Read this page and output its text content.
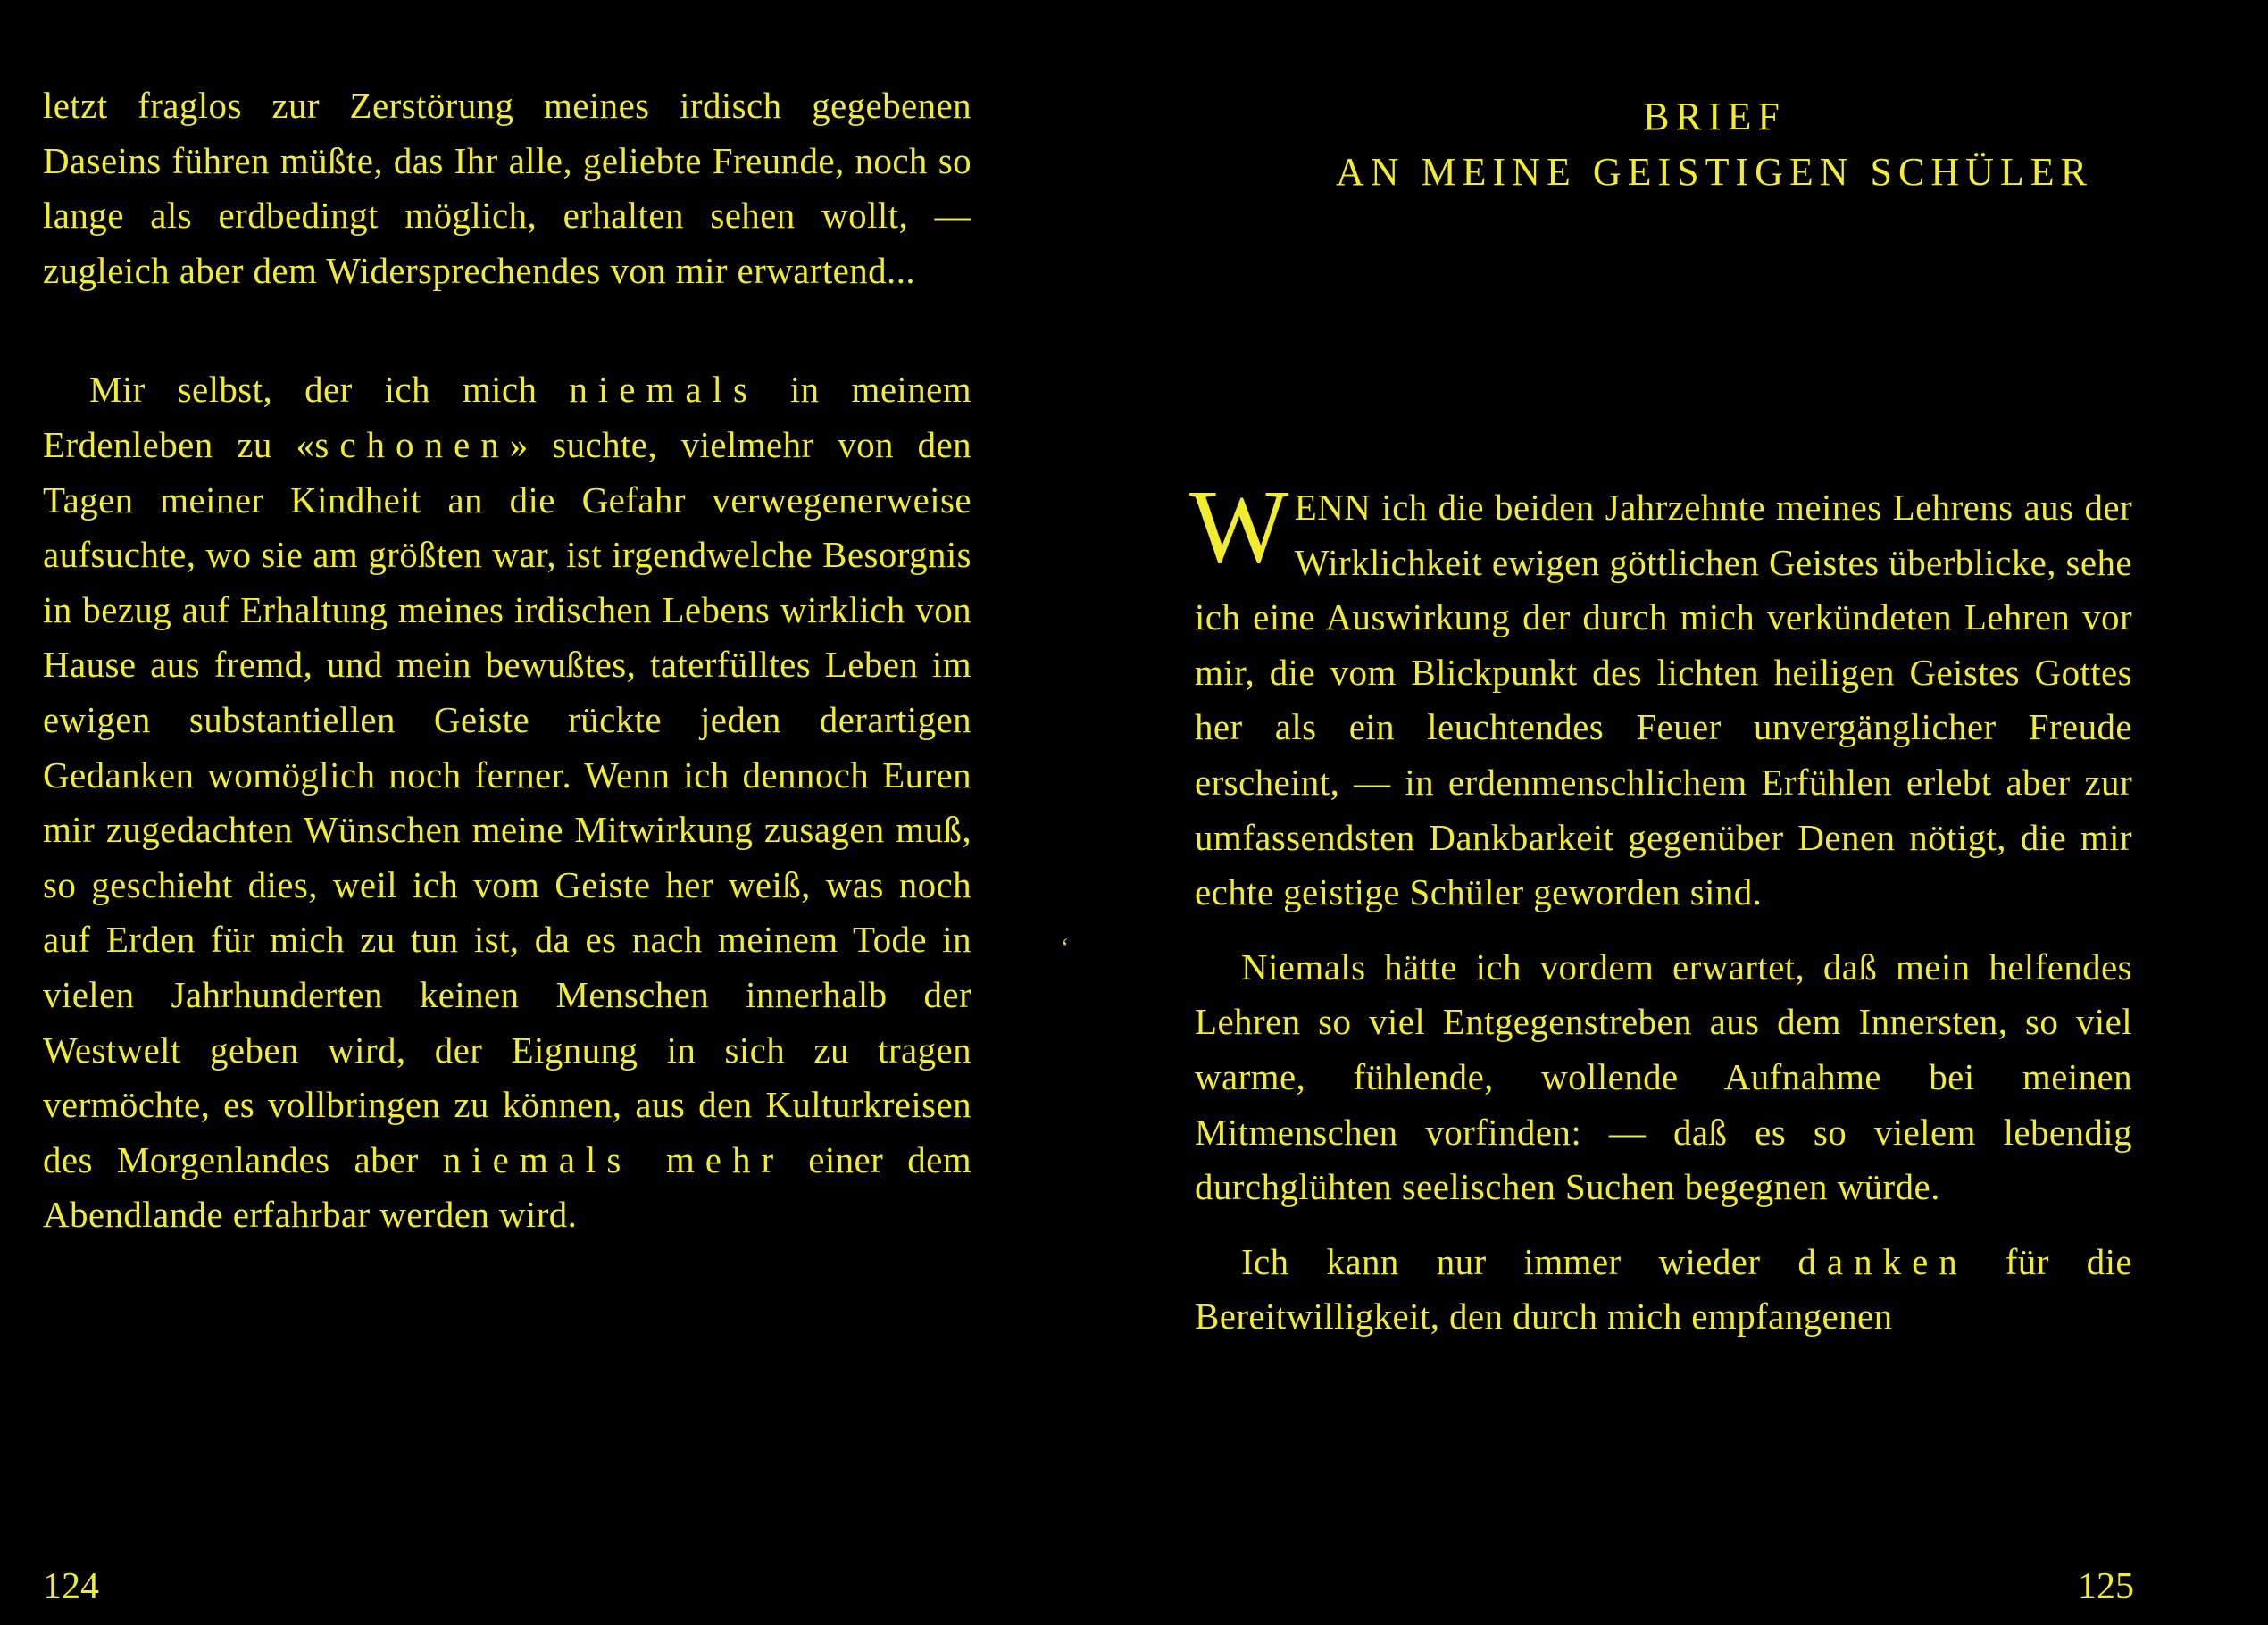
letzt fraglos zur Zerstörung meines irdisch gegebenen Daseins führen müßte, das Ihr alle, geliebte Freunde, noch so lange als erdbedingt möglich, erhalten sehen wollt, — zugleich aber dem Widersprechendes von mir erwartend...

Mir selbst, der ich mich niemals in meinem Erdenleben zu «schonen» suchte, vielmehr von den Tagen meiner Kindheit an die Gefahr verwegenerweise aufsuchte, wo sie am größten war, ist irgendwelche Besorgnis in bezug auf Erhaltung meines irdischen Lebens wirklich von Hause aus fremd, und mein bewußtes, taterfülltes Leben im ewigen substantiellen Geiste rückte jeden derartigen Gedanken womöglich noch ferner. Wenn ich dennoch Euren mir zugedachten Wünschen meine Mitwirkung zusagen muß, so geschieht dies, weil ich vom Geiste her weiß, was noch auf Erden für mich zu tun ist, da es nach meinem Tode in vielen Jahrhunderten keinen Menschen innerhalb der Westwelt geben wird, der Eignung in sich zu tragen vermöchte, es vollbringen zu können, aus den Kulturkreisen des Morgenlandes aber niemals mehr einer dem Abendlande erfahrbar werden wird.

124
ʻ
BRIEF
AN MEINE GEISTIGEN SCHÜLER

WENN ich die beiden Jahrzehnte meines Lehrens aus der Wirklichkeit ewigen göttlichen Geistes überblicke, sehe ich eine Auswirkung der durch mich verkündeten Lehren vor mir, die vom Blickpunkt des lichten heiligen Geistes Gottes her als ein leuchtendes Feuer unvergänglicher Freude erscheint, — in erdenmenschlichem Erfühlen erlebt aber zur umfassendsten Dankbarkeit gegenüber Denen nötigt, die mir echte geistige Schüler geworden sind.

Niemals hätte ich vordem erwartet, daß mein helfendes Lehren so viel Entgegenstreben aus dem Innersten, so viel warme, fühlende, wollende Aufnahme bei meinen Mitmenschen vorfinden: — daß es so vielem lebendig durchglühten seelischen Suchen begegnen würde.

Ich kann nur immer wieder danken für die Bereitwilligkeit, den durch mich empfangenen

125
